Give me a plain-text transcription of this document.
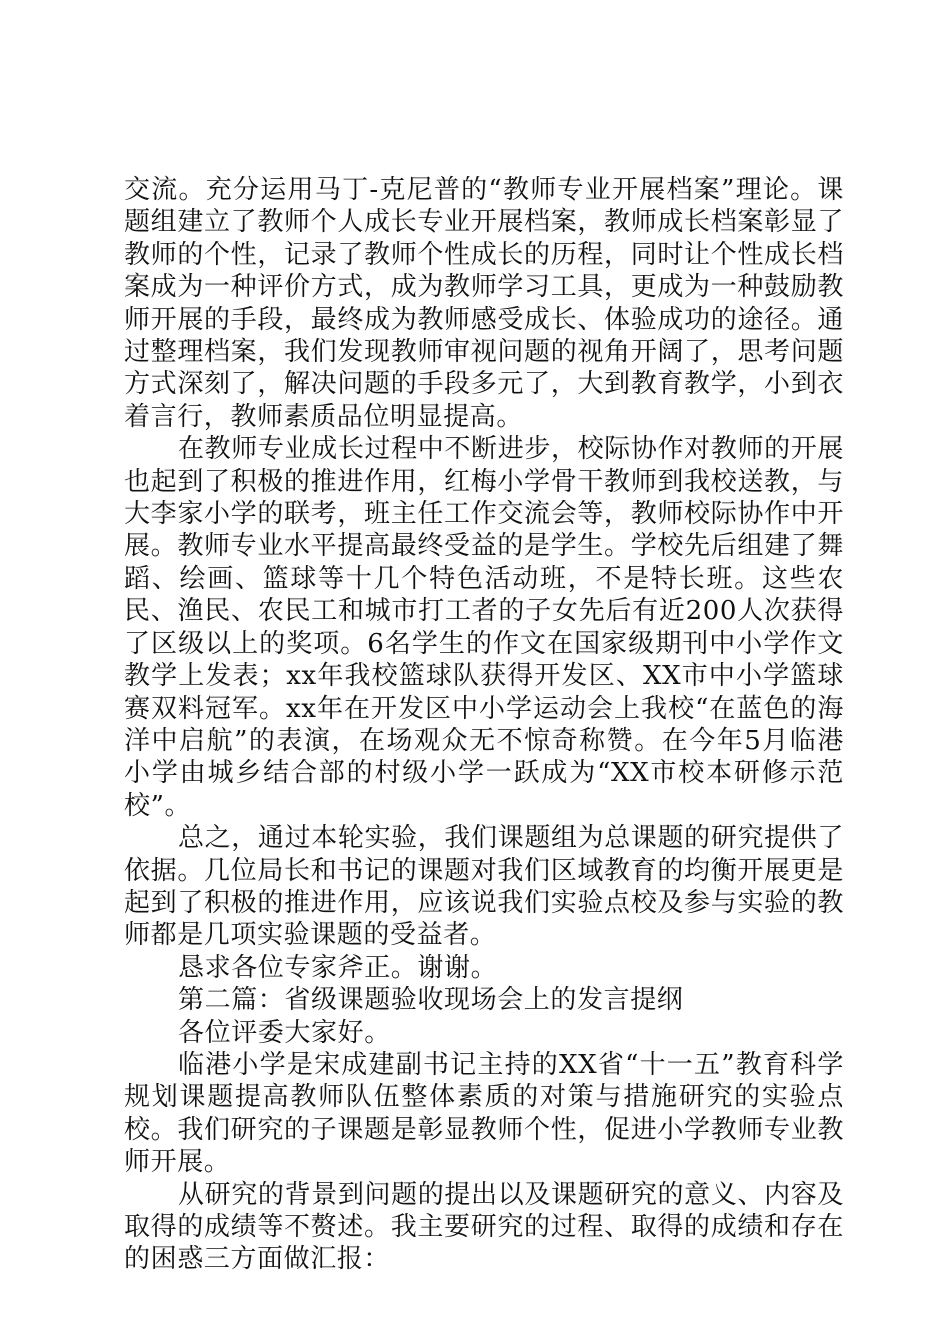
交流。充分运用马丁-克尼普的“教师专业开展档案”理论。课题组建立了教师个人成长专业开展档案，教师成长档案彰显了教师的个性，记录了教师个性成长的历程，同时让个性成长档案成为一种评价方式，成为教师学习工具，更成为一种鼓励教师开展的手段，最终成为教师感受成长、体验成功的途径。通过整理档案，我们发现教师审视问题的视角开阔了，思考问题方式深刻了，解决问题的手段多元了，大到教育教学，小到衣着言行，教师素质品位明显提高。

在教师专业成长过程中不断进步，校际协作对教师的开展也起到了积极的推进作用，红梅小学骨干教师到我校送教，与大李家小学的联考，班主任工作交流会等，教师校际协作中开展。教师专业水平提高最终受益的是学生。学校先后组建了舞蹈、绘画、篮球等十几个特色活动班，不是特长班。这些农民、渔民、农民工和城市打工者的子女先后有近200人次获得了区级以上的奖项。6名学生的作文在国家级期刊中小学作文教学上发表；xx年我校篮球队获得开发区、XX市中小学篮球赛双料冠军。xx年在开发区中小学运动会上我校“在蓝色的海洋中启航”的表演，在场观众无不惊奇称赞。在今年5月临港小学由城乡结合部的村级小学一跃成为“XX市校本研修示范校”。

总之，通过本轮实验，我们课题组为总课题的研究提供了依据。几位局长和书记的课题对我们区域教育的均衡开展更是起到了积极的推进作用，应该说我们实验点校及参与实验的教师都是几项实验课题的受益者。

恳求各位专家斧正。谢谢。

第二篇：省级课题验收现场会上的发言提纲

各位评委大家好。

临港小学是宋成建副书记主持的XX省“十一五”教育科学规划课题提高教师队伍整体素质的对策与措施研究的实验点校。我们研究的子课题是彰显教师个性，促进小学教师专业教师开展。

从研究的背景到问题的提出以及课题研究的意义、内容及取得的成绩等不赘述。我主要研究的过程、取得的成绩和存在的困惑三方面做汇报：
